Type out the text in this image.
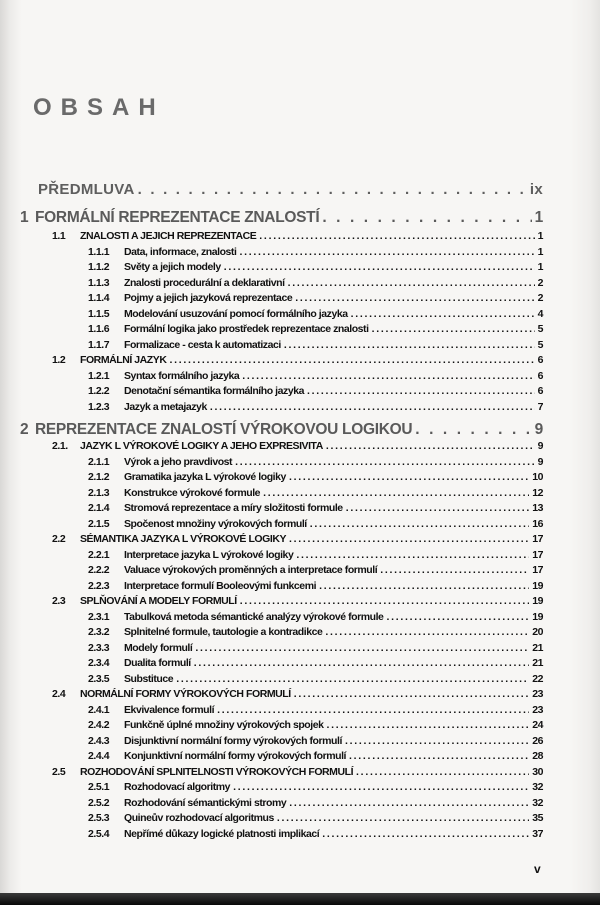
OBSAH
PŘEDMLUVA . . .	ix
1 FORMÁLNÍ REPREZENTACE ZNALOSTÍ . . .	1
1.1	ZNALOSTI A JEJICH REPREZENTACE . . .	1
1.1.1	Data, informace, znalosti . . .	1
1.1.2	Světy a jejich modely . . .	1
1.1.3	Znalosti procedurální a deklarativní . . .	2
1.1.4	Pojmy a jejich jazyková reprezentace . . .	2
1.1.5	Modelování usuzování pomocí formálního jazyka . . .	4
1.1.6	Formální logika jako prostředek reprezentace znalosti . . .	5
1.1.7	Formalizace - cesta k automatizaci . . .	5
1.2	FORMÁLNÍ JAZYK . . .	6
1.2.1	Syntax formálního jazyka . . .	6
1.2.2	Denotační sémantika formálního jazyka . . .	6
1.2.3	Jazyk a metajazyk . . .	7
2 REPREZENTACE ZNALOSTÍ VÝROKOVOU LOGIKOU . . .	9
2.1.	JAZYK L VÝROKOVÉ LOGIKY A JEHO EXPRESIVITA . . .	9
2.1.1	Výrok a jeho pravdivost . . .	9
2.1.2	Gramatika jazyka L výrokové logiky . . .	10
2.1.3	Konstrukce výrokové formule . . .	12
2.1.4	Stromová reprezentace a míry složitosti formule . . .	13
2.1.5	Spočenost množiny výrokových formulí . . .	16
2.2	SÉMANTIKA JAZYKA L VÝROKOVÉ LOGIKY . . .	17
2.2.1	Interpretace jazyka L výrokové logiky . . .	17
2.2.2	Valuace výrokových proměnných a interpretace formulí . . .	17
2.2.3	Interpretace formulí Booleovými funkcemi . . .	19
2.3	SPLŇOVÁNÍ A MODELY FORMULÍ . . .	19
2.3.1	Tabulková metoda sémantické analýzy výrokové formule . . .	19
2.3.2	Splnitelné formule, tautologie a kontradikce . . .	20
2.3.3	Modely formulí . . .	21
2.3.4	Dualita formulí . . .	21
2.3.5	Substituce . . .	22
2.4	NORMÁLNÍ FORMY VÝROKOVÝCH FORMULÍ . . .	23
2.4.1	Ekvivalence formulí . . .	23
2.4.2	Funkčně úplné množiny výrokových spojek . . .	24
2.4.3	Disjunktivní normální formy výrokových formulí . . .	26
2.4.4	Konjunktivní normální formy výrokových formulí . . .	28
2.5	ROZHODOVÁNÍ SPLNITELNOSTI VÝROKOVÝCH FORMULÍ . . .	30
2.5.1	Rozhodovací algoritmy . . .	32
2.5.2	Rozhodování sémantickými stromy . . .	32
2.5.3	Quineův rozhodovací algoritmus . . .	35
2.5.4	Nepřímé důkazy logické platnosti implikací . . .	37
v
